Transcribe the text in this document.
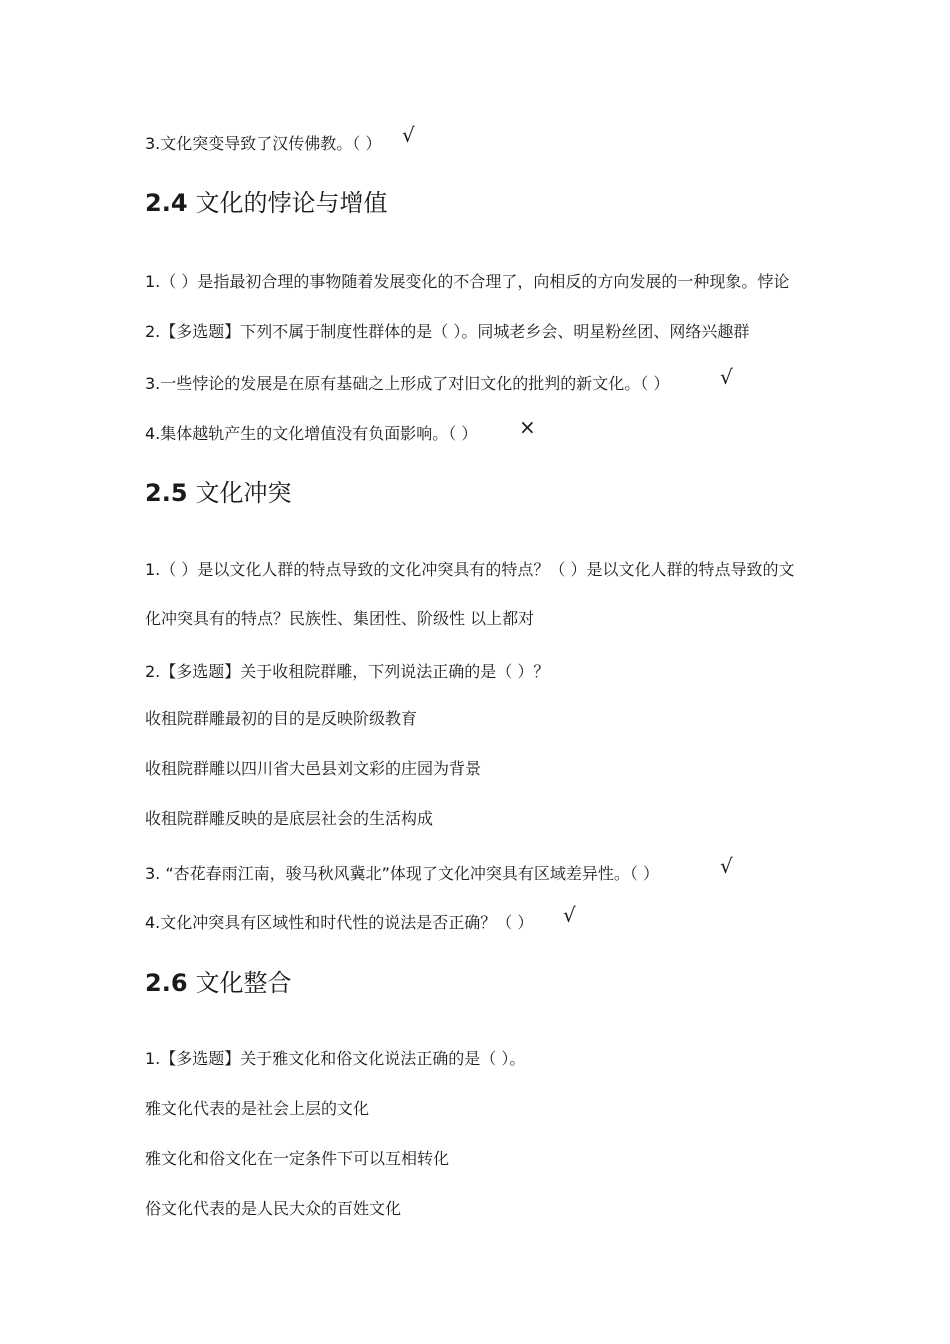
3.文化突变导致了汉传佛教。（ ） √
2.4 文化的悖论与增值
1.（ ）是指最初合理的事物随着发展变化的不合理了，向相反的方向发展的一种现象。悖论
2.【多选题】下列不属于制度性群体的是（ ）。同城老乡会、明星粉丝团、网络兴趣群
3.一些悖论的发展是在原有基础之上形成了对旧文化的批判的新文化。（ ）	√
4.集体越轨产生的文化增值没有负面影响。（ ） ×
2.5 文化冲突
1.（ ）是以文化人群的特点导致的文化冲突具有的特点？（ ）是以文化人群的特点导致的文
化冲突具有的特点？民族性、集团性、阶级性 以上都对
2.【多选题】关于收租院群雕，下列说法正确的是（ ）？
收租院群雕最初的目的是反映阶级教育
收租院群雕以四川省大邑县刘文彩的庄园为背景
收租院群雕反映的是底层社会的生活构成
3. “杏花春雨江南，骏马秋风冀北”体现了文化冲突具有区域差异性。（ ）	√
4.文化冲突具有区域性和时代性的说法是否正确？（ ） √
2.6 文化整合
1.【多选题】关于雅文化和俗文化说法正确的是（ ）。
雅文化代表的是社会上层的文化
雅文化和俗文化在一定条件下可以互相转化
俗文化代表的是人民大众的百姓文化
